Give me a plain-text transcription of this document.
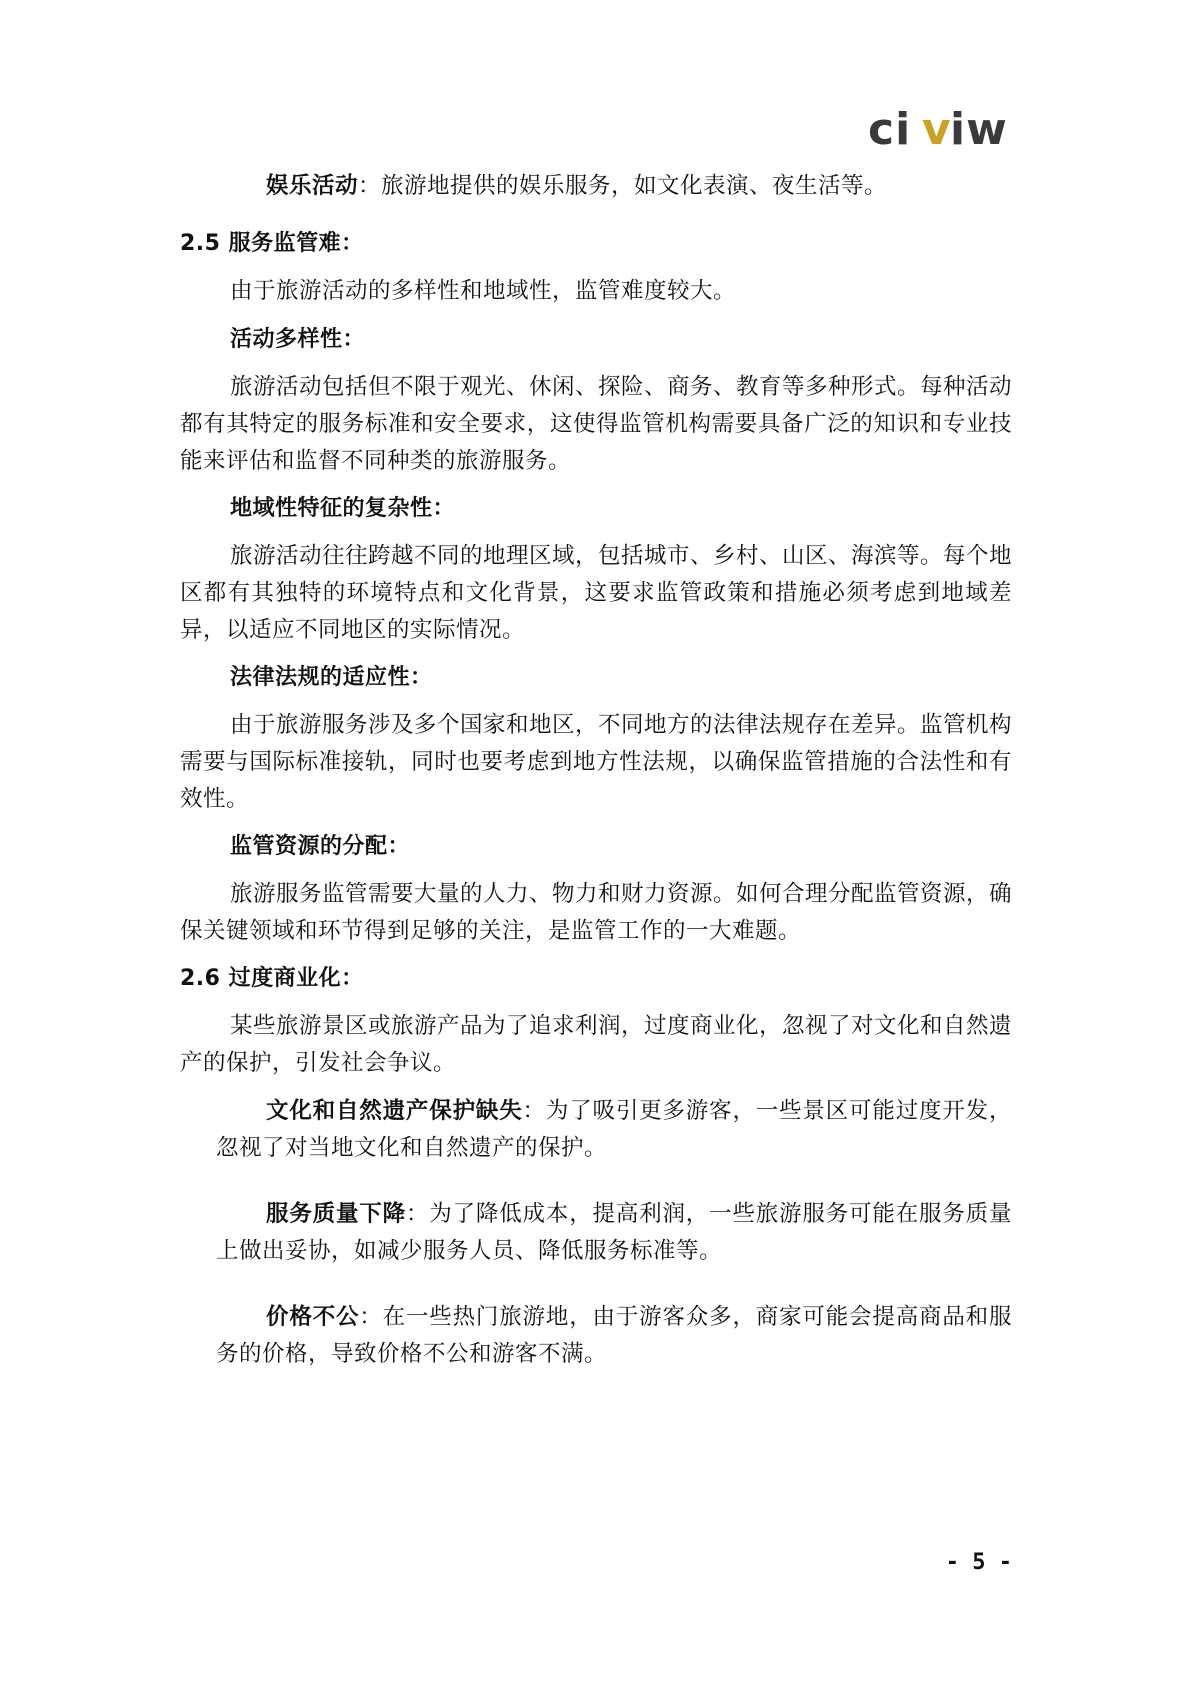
ci v iw

娱乐活动：旅游地提供的娱乐服务，如文化表演、夜生活等。

2.5 服务监管难：

由于旅游活动的多样性和地域性，监管难度较大。

活动多样性：

旅游活动包括但不限于观光、休闲、探险、商务、教育等多种形式。每种活动都有其特定的服务标准和安全要求，这使得监管机构需要具备广泛的知识和专业技能来评估和监督不同种类的旅游服务。

地域性特征的复杂性：

旅游活动往往跨越不同的地理区域，包括城市、乡村、山区、海滨等。每个地区都有其独特的环境特点和文化背景，这要求监管政策和措施必须考虑到地域差异，以适应不同地区的实际情况。

法律法规的适应性：

由于旅游服务涉及多个国家和地区，不同地方的法律法规存在差异。监管机构需要与国际标准接轨，同时也要考虑到地方性法规，以确保监管措施的合法性和有效性。

监管资源的分配：

旅游服务监管需要大量的人力、物力和财力资源。如何合理分配监管资源，确保关键领域和环节得到足够的关注，是监管工作的一大难题。

2.6 过度商业化：

某些旅游景区或旅游产品为了追求利润，过度商业化，忽视了对文化和自然遗产的保护，引发社会争议。

文化和自然遗产保护缺失：为了吸引更多游客，一些景区可能过度开发，忽视了对当地文化和自然遗产的保护。

服务质量下降：为了降低成本，提高利润，一些旅游服务可能在服务质量上做出妥协，如减少服务人员、降低服务标准等。

价格不公：在一些热门旅游地，由于游客众多，商家可能会提高商品和服务的价格，导致价格不公和游客不满。

- 5 -
